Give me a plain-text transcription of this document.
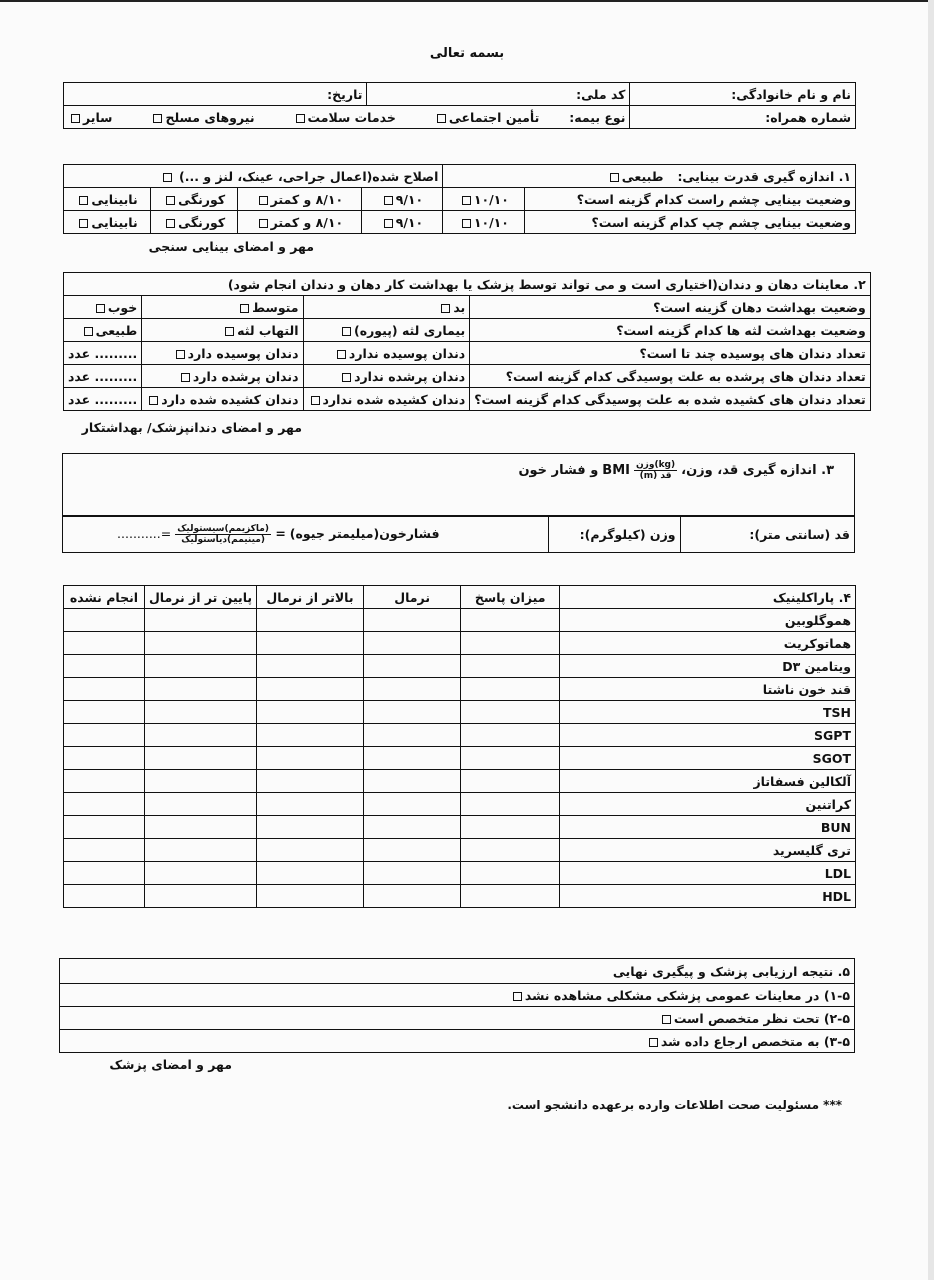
بسمه تعالی
نام و نام خانوادگی:	کد ملی:	تاریخ:
شماره همراه:	نوع بیمه:  تأمین اجتماعی  خدمات سلامت  نیروهای مسلح  سایر	
۱. اندازه گیری قدرت بینایی:  طبیعی		اصلاح شده(اعمال جراحی، عینک، لنز و ...)			
وضعیت بینایی چشم راست کدام گزینه است؟	۱۰/۱۰	۹/۱۰	۸/۱۰ و کمتر	کورنگی	نابینایی
وضعیت بینایی چشم چپ کدام گزینه است؟	۱۰/۱۰	۹/۱۰	۸/۱۰ و کمتر	کورنگی	نابینایی
مهر و امضای بینایی سنجی
۲. معاینات دهان و دندان(اختیاری است و می تواند توسط پزشک یا بهداشت کار دهان و دندان انجام شود)			
وضعیت بهداشت دهان گزینه است؟	بد	متوسط	خوب
وضعیت بهداشت لثه ها کدام گزینه است؟	بیماری لثه (پیوره)	التهاب لثه	طبیعی
تعداد دندان های پوسیده چند تا است؟	دندان پوسیده ندارد	دندان پوسیده دارد	......... عدد
تعداد دندان های پرشده به علت پوسیدگی کدام گزینه است؟	دندان پرشده ندارد	دندان پرشده دارد	......... عدد
تعداد دندان های کشیده شده به علت پوسیدگی کدام گزینه است؟	دندان کشیده شده ندارد	دندان کشیده شده دارد	......... عدد
مهر و امضای دندانپزشک/ بهداشتکار
۳. اندازه گیری قد، وزن،
$\frac{\text{(kg)وزن}}{\text{قد (m)}}$
BMI
و فشار خون
قد (سانتی متر):	وزن (کیلوگرم):	فشارخون(میلیمتر جیوه) =
$\frac{\text{(ماکزیمم)سیستولیک}}{\text{(مینیمم)دیاستولیک}}$
=...........
۴. پاراکلینیک	میزان پاسخ	نرمال	بالاتر از نرمال	پایین تر از نرمال	انجام نشده
هموگلوبین					
هماتوکریت					
ویتامین D۳					
قند خون ناشتا					
TSH					
SGPT					
SGOT					
آلکالین فسفاتاز					
کراتنین					
BUN					
تری گلیسرید					
LDL					
HDL					
۵. نتیجه ارزیابی پزشک و پیگیری نهایی
۱-۵) در معاینات عمومی پزشکی مشکلی مشاهده نشد
۲-۵) تحت نظر متخصص است
۳-۵) به متخصص ارجاع داده شد
مهر و امضای پزشک
*** مسئولیت صحت اطلاعات وارده برعهده دانشجو است.
